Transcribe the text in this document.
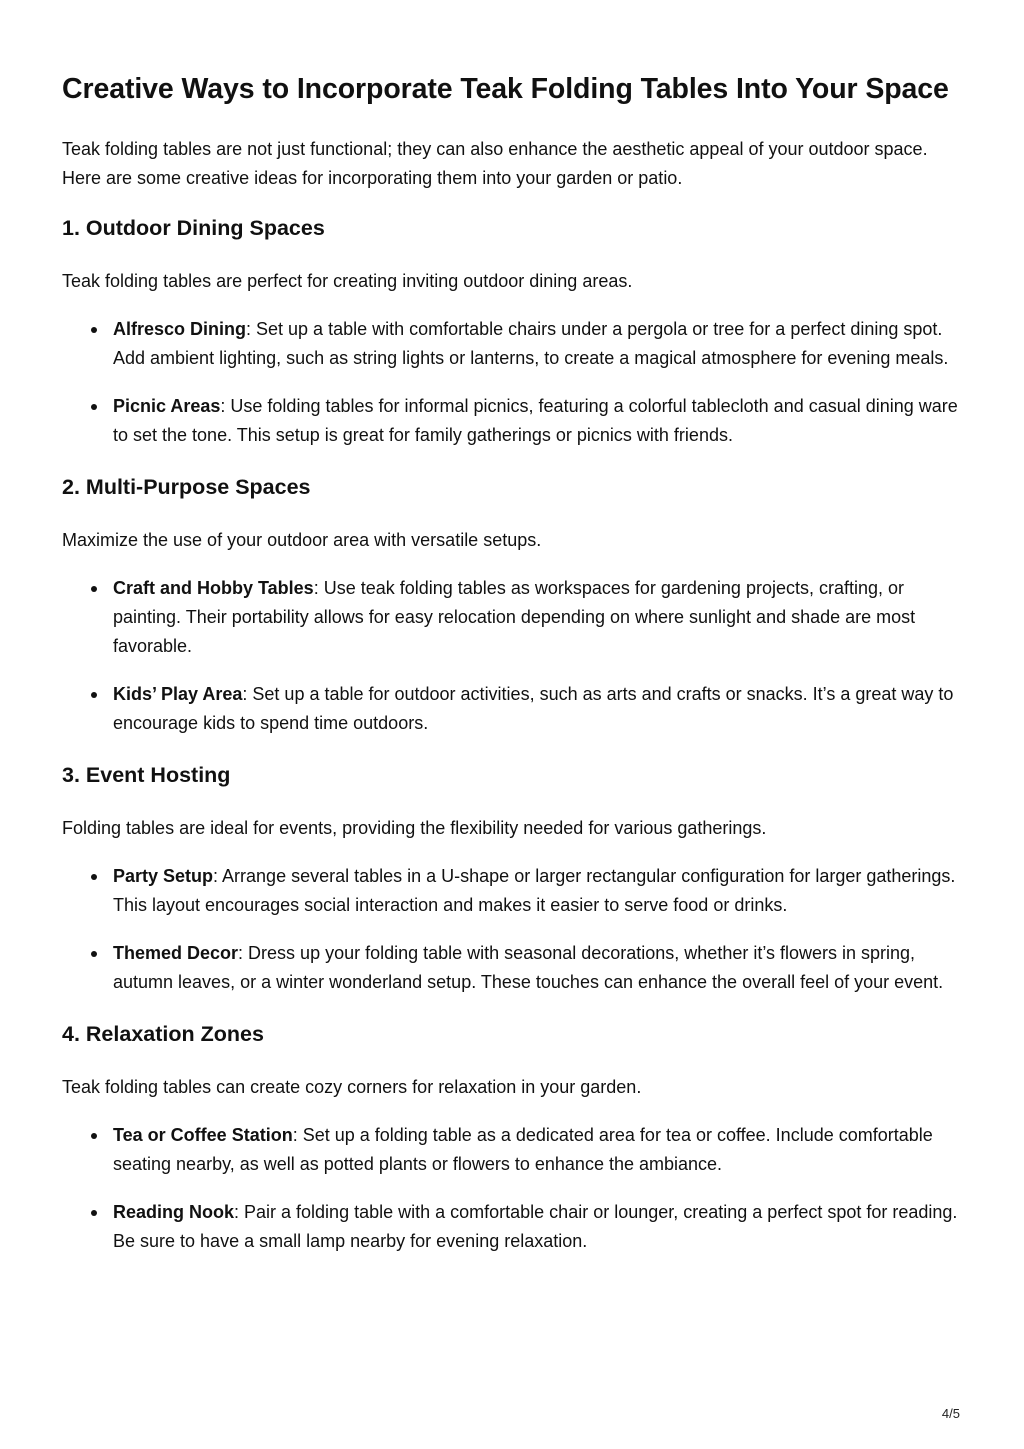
Creative Ways to Incorporate Teak Folding Tables Into Your Space

Teak folding tables are not just functional; they can also enhance the aesthetic appeal of your outdoor space. Here are some creative ideas for incorporating them into your garden or patio.

1. Outdoor Dining Spaces

Teak folding tables are perfect for creating inviting outdoor dining areas.

Alfresco Dining: Set up a table with comfortable chairs under a pergola or tree for a perfect dining spot. Add ambient lighting, such as string lights or lanterns, to create a magical atmosphere for evening meals.
Picnic Areas: Use folding tables for informal picnics, featuring a colorful tablecloth and casual dining ware to set the tone. This setup is great for family gatherings or picnics with friends.
2. Multi-Purpose Spaces

Maximize the use of your outdoor area with versatile setups.

Craft and Hobby Tables: Use teak folding tables as workspaces for gardening projects, crafting, or painting. Their portability allows for easy relocation depending on where sunlight and shade are most favorable.
Kids’ Play Area: Set up a table for outdoor activities, such as arts and crafts or snacks. It’s a great way to encourage kids to spend time outdoors.
3. Event Hosting

Folding tables are ideal for events, providing the flexibility needed for various gatherings.

Party Setup: Arrange several tables in a U-shape or larger rectangular configuration for larger gatherings. This layout encourages social interaction and makes it easier to serve food or drinks.
Themed Decor: Dress up your folding table with seasonal decorations, whether it’s flowers in spring, autumn leaves, or a winter wonderland setup. These touches can enhance the overall feel of your event.
4. Relaxation Zones

Teak folding tables can create cozy corners for relaxation in your garden.

Tea or Coffee Station: Set up a folding table as a dedicated area for tea or coffee. Include comfortable seating nearby, as well as potted plants or flowers to enhance the ambiance.
Reading Nook: Pair a folding table with a comfortable chair or lounger, creating a perfect spot for reading. Be sure to have a small lamp nearby for evening relaxation.
4/5
